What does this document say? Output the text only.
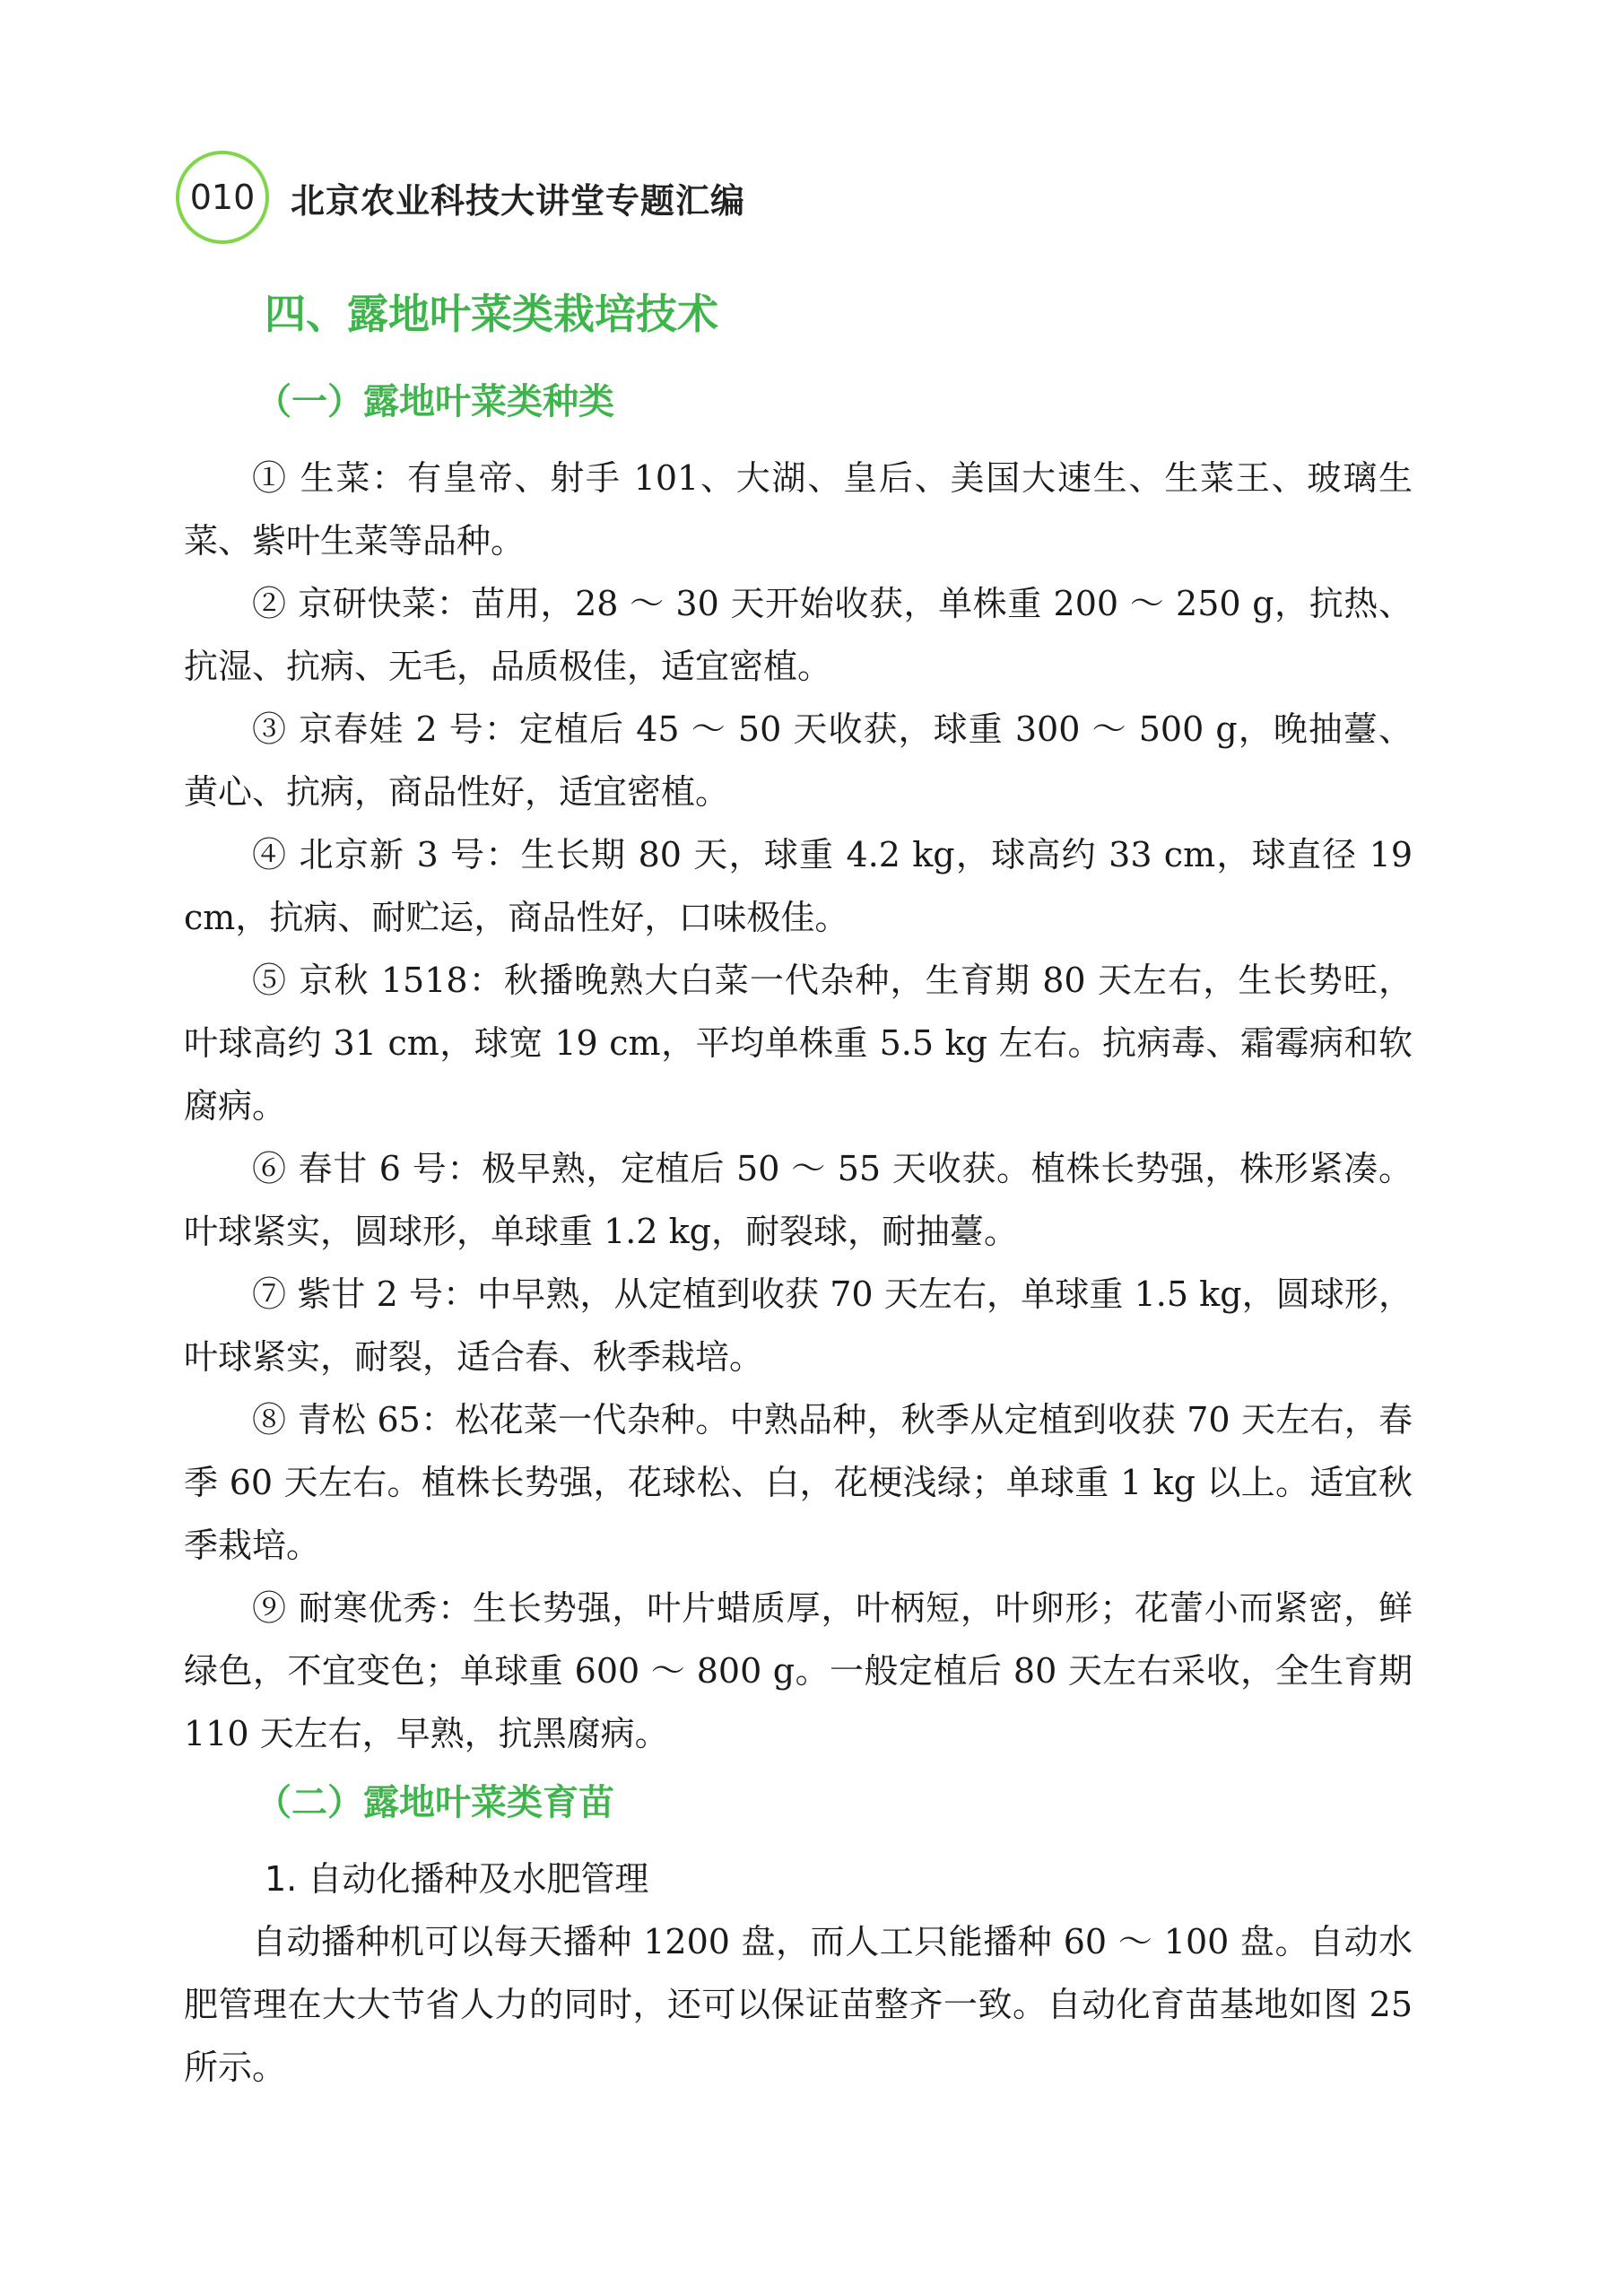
010 北京农业科技大讲堂专题汇编
四、露地叶菜类栽培技术
（一）露地叶菜类种类

① 生菜：有皇帝、射手 101、大湖、皇后、美国大速生、生菜王、玻璃生菜、紫叶生菜等品种。

② 京研快菜：苗用，28 ～ 30 天开始收获，单株重 200 ～ 250 g，抗热、抗湿、抗病、无毛，品质极佳，适宜密植。

③ 京春娃 2 号：定植后 45 ～ 50 天收获，球重 300 ～ 500 g，晚抽薹、黄心、抗病，商品性好，适宜密植。

④ 北京新 3 号：生长期 80 天，球重 4.2 kg，球高约 33 cm，球直径 19 cm，抗病、耐贮运，商品性好，口味极佳。

⑤ 京秋 1518：秋播晚熟大白菜一代杂种，生育期 80 天左右，生长势旺，叶球高约 31 cm，球宽 19 cm，平均单株重 5.5 kg 左右。抗病毒、霜霉病和软腐病。

⑥ 春甘 6 号：极早熟，定植后 50 ～ 55 天收获。植株长势强，株形紧凑。叶球紧实，圆球形，单球重 1.2 kg，耐裂球，耐抽薹。

⑦ 紫甘 2 号：中早熟，从定植到收获 70 天左右，单球重 1.5 kg，圆球形，叶球紧实，耐裂，适合春、秋季栽培。

⑧ 青松 65：松花菜一代杂种。中熟品种，秋季从定植到收获 70 天左右，春季 60 天左右。植株长势强，花球松、白，花梗浅绿；单球重 1 kg 以上。适宜秋季栽培。

⑨ 耐寒优秀：生长势强，叶片蜡质厚，叶柄短，叶卵形；花蕾小而紧密，鲜绿色，不宜变色；单球重 600 ～ 800 g。一般定植后 80 天左右采收，全生育期 110 天左右，早熟，抗黑腐病。

（二）露地叶菜类育苗
1. 自动化播种及水肥管理

自动播种机可以每天播种 1200 盘，而人工只能播种 60 ～ 100 盘。自动水肥管理在大大节省人力的同时，还可以保证苗整齐一致。自动化育苗基地如图 25 所示。
